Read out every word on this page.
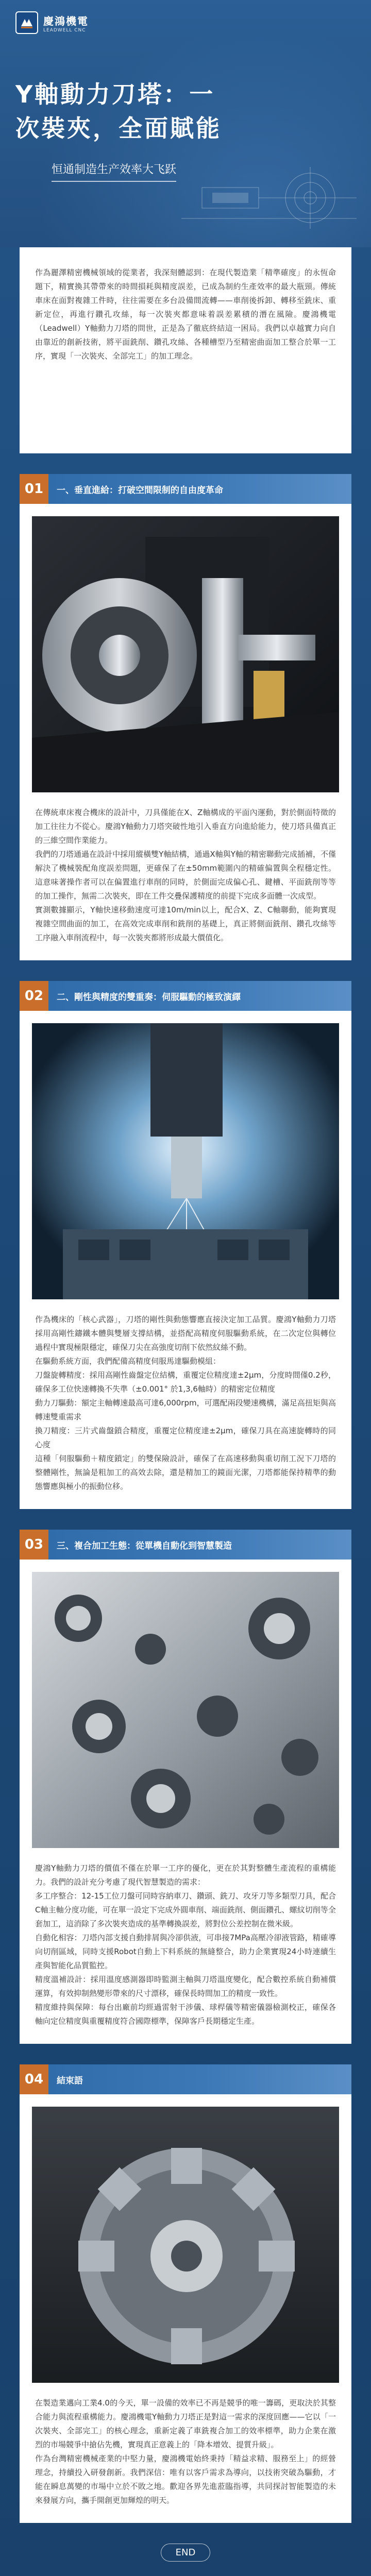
慶鴻機電
LEADWELL CNC
Y軸動力刀塔：一
次裝夾，全面賦能
恒通制造生产效率大飞跃

作為麗澤精密機械領域的從業者，我深刻體認到：在現代製造業「精準確度」的永恆命題下，精實換其帶帶來的時間損耗與精度誤差，已成為制約生產效率的最大瓶頸。傳統車床在面對複雜工件時，往往需要在多台設備間流轉——車削後拆卸、轉移至銑床、重新定位，再進行鑽孔攻絲，每一次裝夾都意味着誤差累積的潛在風險。慶鴻機電（Leadwell）Y軸動力刀塔的問世，正是為了徹底終結這一困局。我們以卓越實力向自由靠近的創新技術，將平面銑削、鑽孔攻絲、各種槽型乃至精密曲面加工整合於單一工序，實現「一次裝夾、全部完工」的加工理念。

01	一、垂直進給：打破空間限制的自由度革命

在傳統車床複合機床的設計中，刀具僅能在X、Z軸構成的平面內運動，對於側面特徵的加工往往力不從心。慶鴻Y軸動力刀塔突破性地引入垂直方向進給能力，使刀塔具備真正的三維空間作業能力。
我們的刀塔通過在設計中採用縱橫雙Y軸結構，通過X軸與Y軸的精密聯動完成插補，不僅解決了機械裝配角度誤差問題，更確保了在±50mm範圍內的精確偏置與全程穩定性。這意味著操作者可以在偏置進行車削的同時，於側面完成偏心孔、鍵槽、平面銑削等等的加工操作，無需二次裝夾，即在工件交疊保護精度的前提下完成多面體一次成型。
實測數據顯示，Y軸快速移動速度可達10m/min以上，配合X、Z、C軸聯動，能夠實現複雜空間曲面的加工，在高效完成車削和銑削的基礎上，真正將側面銑削、鑽孔攻絲等工序融入車削流程中，每一次裝夾都將形成最大價值化。

02	二、剛性與精度的雙重奏：伺服驅動的極致演繹

作為機床的「核心武器」，刀塔的剛性與動態響應直接決定加工品質。慶鴻Y軸動力刀塔採用高剛性鑄鐵本體與雙層支撐結構，並搭配高精度伺服驅動系統，在二次定位與轉位過程中實現極限穩定，確保刀尖在高強度切削下依然紋絲不動。
在驅動系統方面，我們配備高精度伺服馬達驅動模組：
刀盤旋轉精度：採用高剛性齒盤定位結構，重覆定位精度達±2μm，分度時間僅0.2秒，確保多工位快速轉換不失準（±0.001° 於1,3,6軸時）的精密定位精度
動力刀驅動：額定主軸轉速最高可達6,000rpm，可選配兩段變速機構，滿足高扭矩與高轉速雙重需求
換刀精度：三片式齒盤鎖合精度，重覆定位精度達±2μm，確保刀具在高速旋轉時的同心度
這種「伺服驅動＋精度鎖定」的雙保險設計，確保了在高速移動與重切削工況下刀塔的整體剛性，無論是粗加工的高效去除，還是精加工的鏡面光潔，刀塔都能保持精準的動態響應與極小的振動位移。

03	三、複合加工生態：從單機自動化到智慧製造

慶鴻Y軸動力刀塔的價值不僅在於單一工序的優化，更在於其對整體生產流程的重構能力。我們的設計充分考慮了現代智慧製造的需求：
多工序整合：12-15工位刀盤可同時容納車刀、鑽頭、銑刀、攻牙刀等多類型刀具，配合C軸主軸分度功能，可在單一設定下完成外圓車削、端面銑削、側面鑽孔、螺紋切削等全套加工，這消除了多次裝夾造成的基準轉換誤差，將對位公差控制在微米級。
自動化相容：刀塔內部支援自動排屑與冷卻供液，可串接7MPa高壓冷卻液管路，精確導向切削區域，同時支援Robot自動上下料系統的無縫整合，助力企業實現24小時連續生產與智能化品質監控。
精度溫補設計：採用溫度感測器即時監測主軸與刀塔溫度變化，配合數控系統自動補償運算，有效抑制熱變形帶來的尺寸漂移，確保長時間加工的精度一致性。
精度維持與保障：每台出廠前均經過雷射干涉儀、球桿儀等精密儀器檢測校正，確保各軸向定位精度與重覆精度符合國際標準，保障客戶長期穩定生產。

04	結束語

在製造業邁向工業4.0的今天，單一設備的效率已不再是競爭的唯一籌碼，更取決於其整合能力與流程重構能力。慶鴻機電Y軸動力刀塔正是對這一需求的深度回應——它以「一次裝夾、全部完工」的核心理念，重新定義了車銑複合加工的效率標準，助力企業在激烈的市場競爭中搶佔先機，實現真正意義上的「降本增效、提質升級」。
作為台灣精密機械產業的中堅力量，慶鴻機電始終秉持「精益求精、服務至上」的經營理念，持續投入研發創新。我們深信：唯有以客戶需求為導向，以技術突破為驅動，才能在瞬息萬變的市場中立於不敗之地。歡迎各界先進蒞臨指導，共同探討智能製造的未來發展方向，攜手開創更加輝煌的明天。

END
